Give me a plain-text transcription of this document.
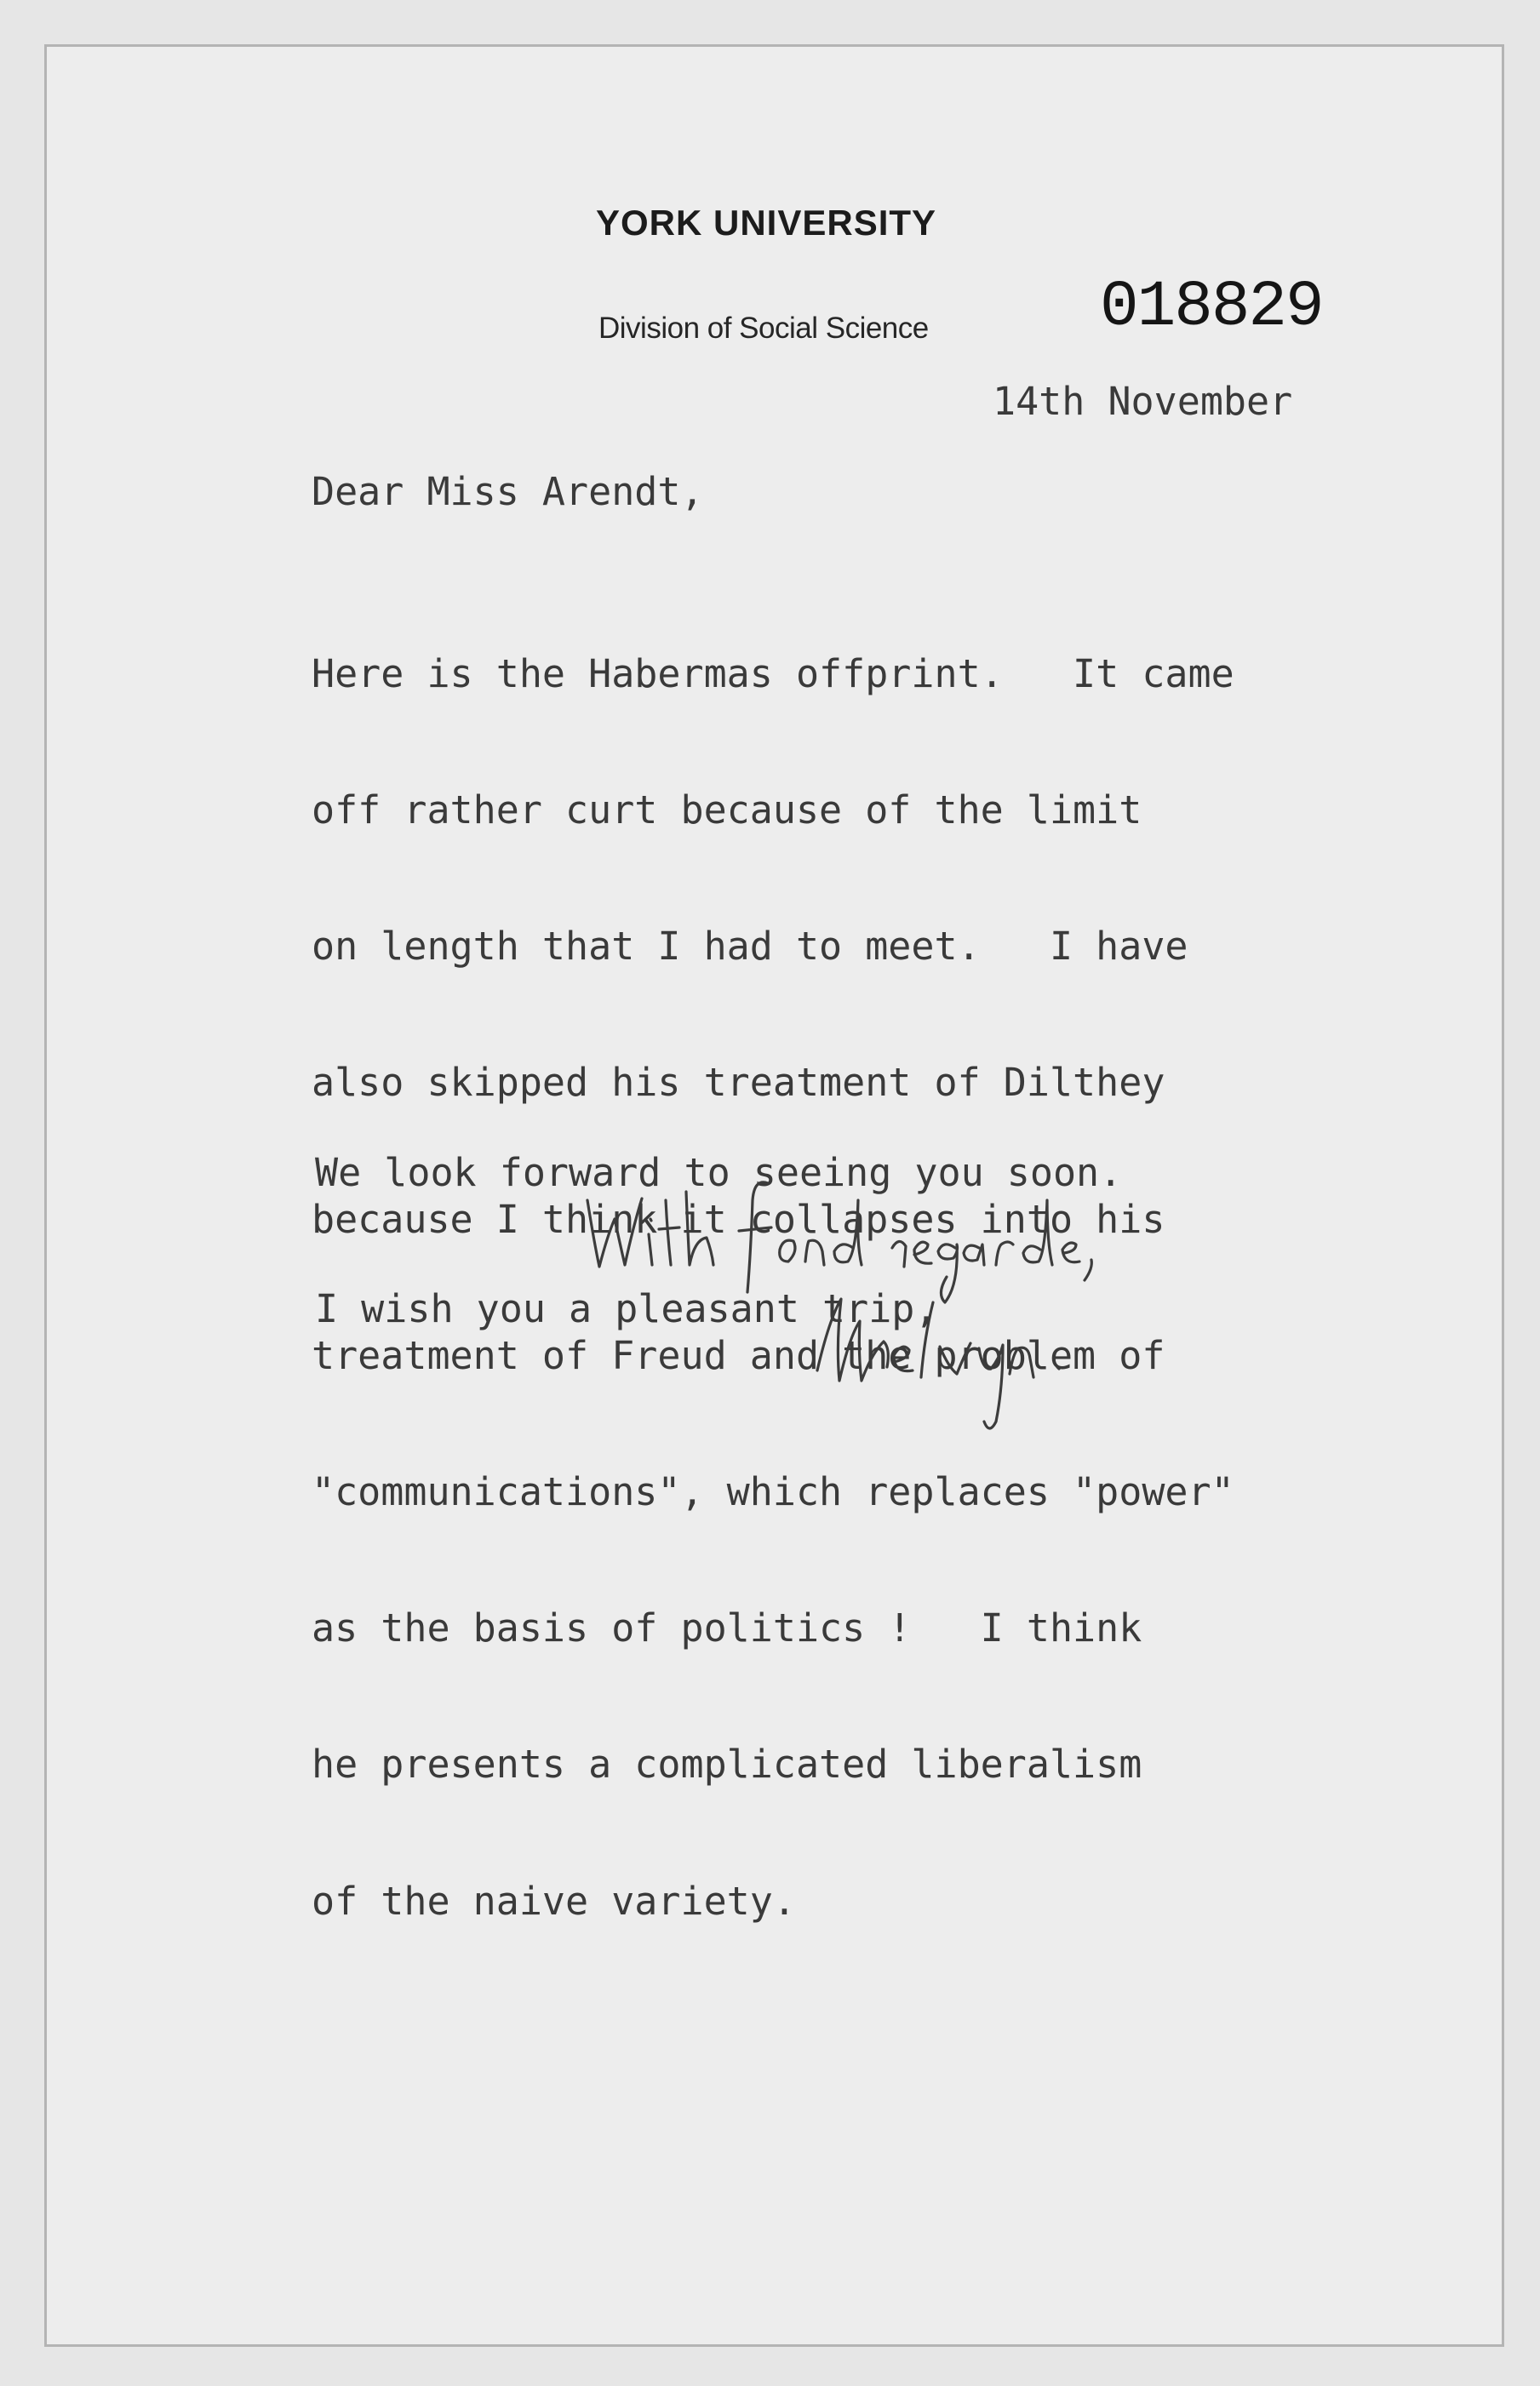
YORK UNIVERSITY
Division of Social Science	018829
14th November
Dear Miss Arendt,

Here is the Habermas offprint.   It came

off rather curt because of the limit

on length that I had to meet.   I have

also skipped his treatment of Dilthey

because I think it collapses into his

treatment of Freud and the problem of

"communications", which replaces "power"

as the basis of politics !   I think

he presents a complicated liberalism

of the naive variety.

We look forward to seeing you soon.

I wish you a pleasant trip,
